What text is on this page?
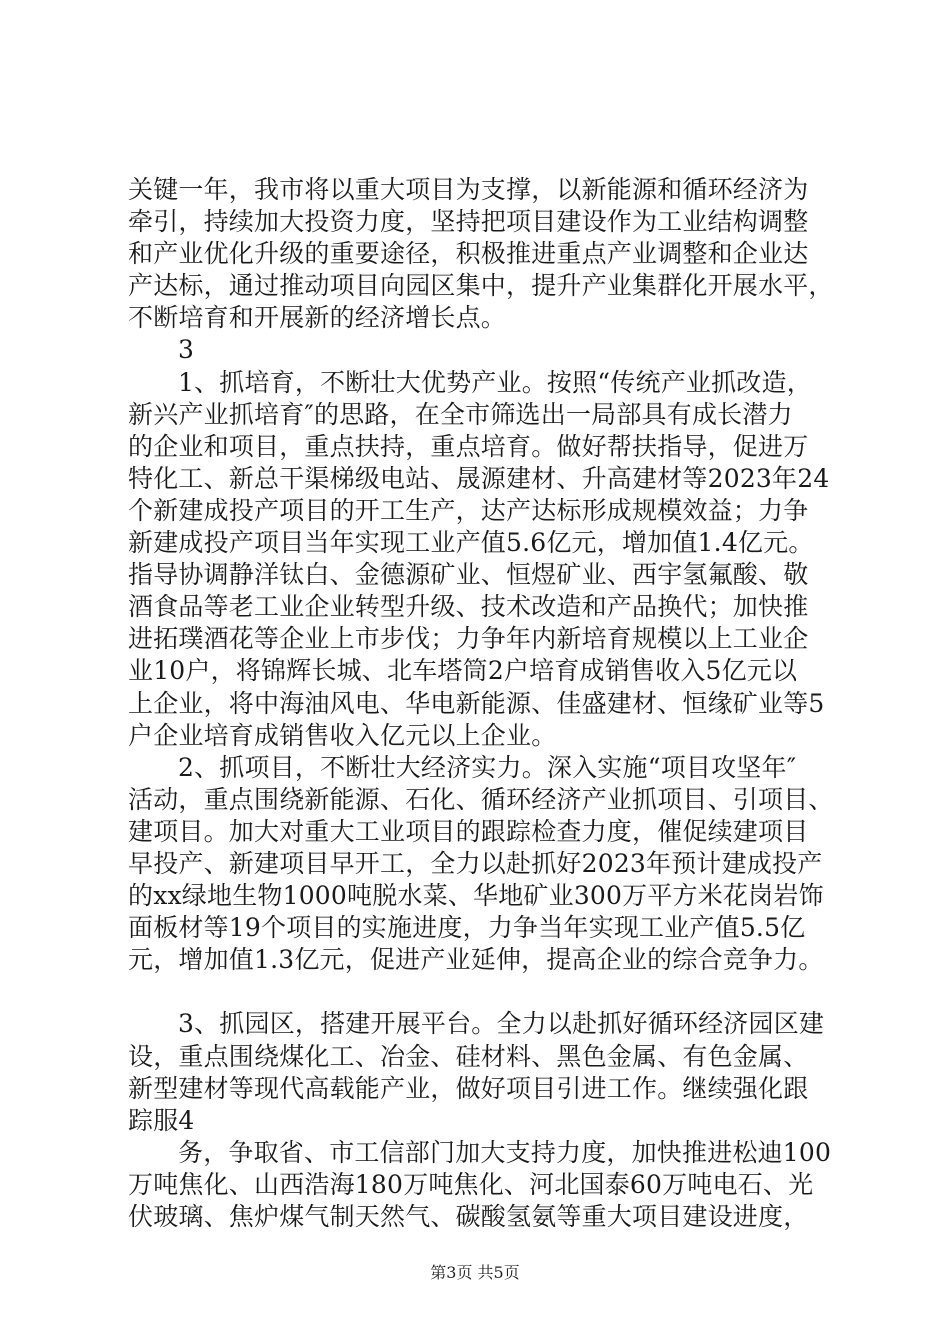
关键一年，我市将以重大项目为支撑，以新能源和循环经济为
牵引，持续加大投资力度，坚持把项目建设作为工业结构调整
和产业优化升级的重要途径，积极推进重点产业调整和企业达
产达标，通过推动项目向园区集中，提升产业集群化开展水平，
不断培育和开展新的经济增长点。
3
1、抓培育，不断壮大优势产业。按照“传统产业抓改造，
新兴产业抓培育″的思路，在全市筛选出一局部具有成长潜力
的企业和项目，重点扶持，重点培育。做好帮扶指导，促进万
特化工、新总干渠梯级电站、晟源建材、升高建材等2023年24
个新建成投产项目的开工生产，达产达标形成规模效益；力争
新建成投产项目当年实现工业产值5.6亿元，增加值1.4亿元。
指导协调静洋钛白、金德源矿业、恒煜矿业、西宇氢氟酸、敬
酒食品等老工业企业转型升级、技术改造和产品换代；加快推
进拓璞酒花等企业上市步伐；力争年内新培育规模以上工业企
业10户，将锦辉长城、北车塔筒2户培育成销售收入5亿元以
上企业，将中海油风电、华电新能源、佳盛建材、恒缘矿业等5
户企业培育成销售收入亿元以上企业。
2、抓项目，不断壮大经济实力。深入实施“项目攻坚年″
活动，重点围绕新能源、石化、循环经济产业抓项目、引项目、
建项目。加大对重大工业项目的跟踪检查力度，催促续建项目
早投产、新建项目早开工，全力以赴抓好2023年预计建成投产
的xx绿地生物1000吨脱水菜、华地矿业300万平方米花岗岩饰
面板材等19个项目的实施进度，力争当年实现工业产值5.5亿
元，增加值1.3亿元，促进产业延伸，提高企业的综合竞争力。
3、抓园区，搭建开展平台。全力以赴抓好循环经济园区建
设，重点围绕煤化工、冶金、硅材料、黑色金属、有色金属、
新型建材等现代高载能产业，做好项目引进工作。继续强化跟
踪服4
务，争取省、市工信部门加大支持力度，加快推进松迪100
万吨焦化、山西浩海180万吨焦化、河北国泰60万吨电石、光
伏玻璃、焦炉煤气制天然气、碳酸氢氨等重大项目建设进度，
第3页 共5页
